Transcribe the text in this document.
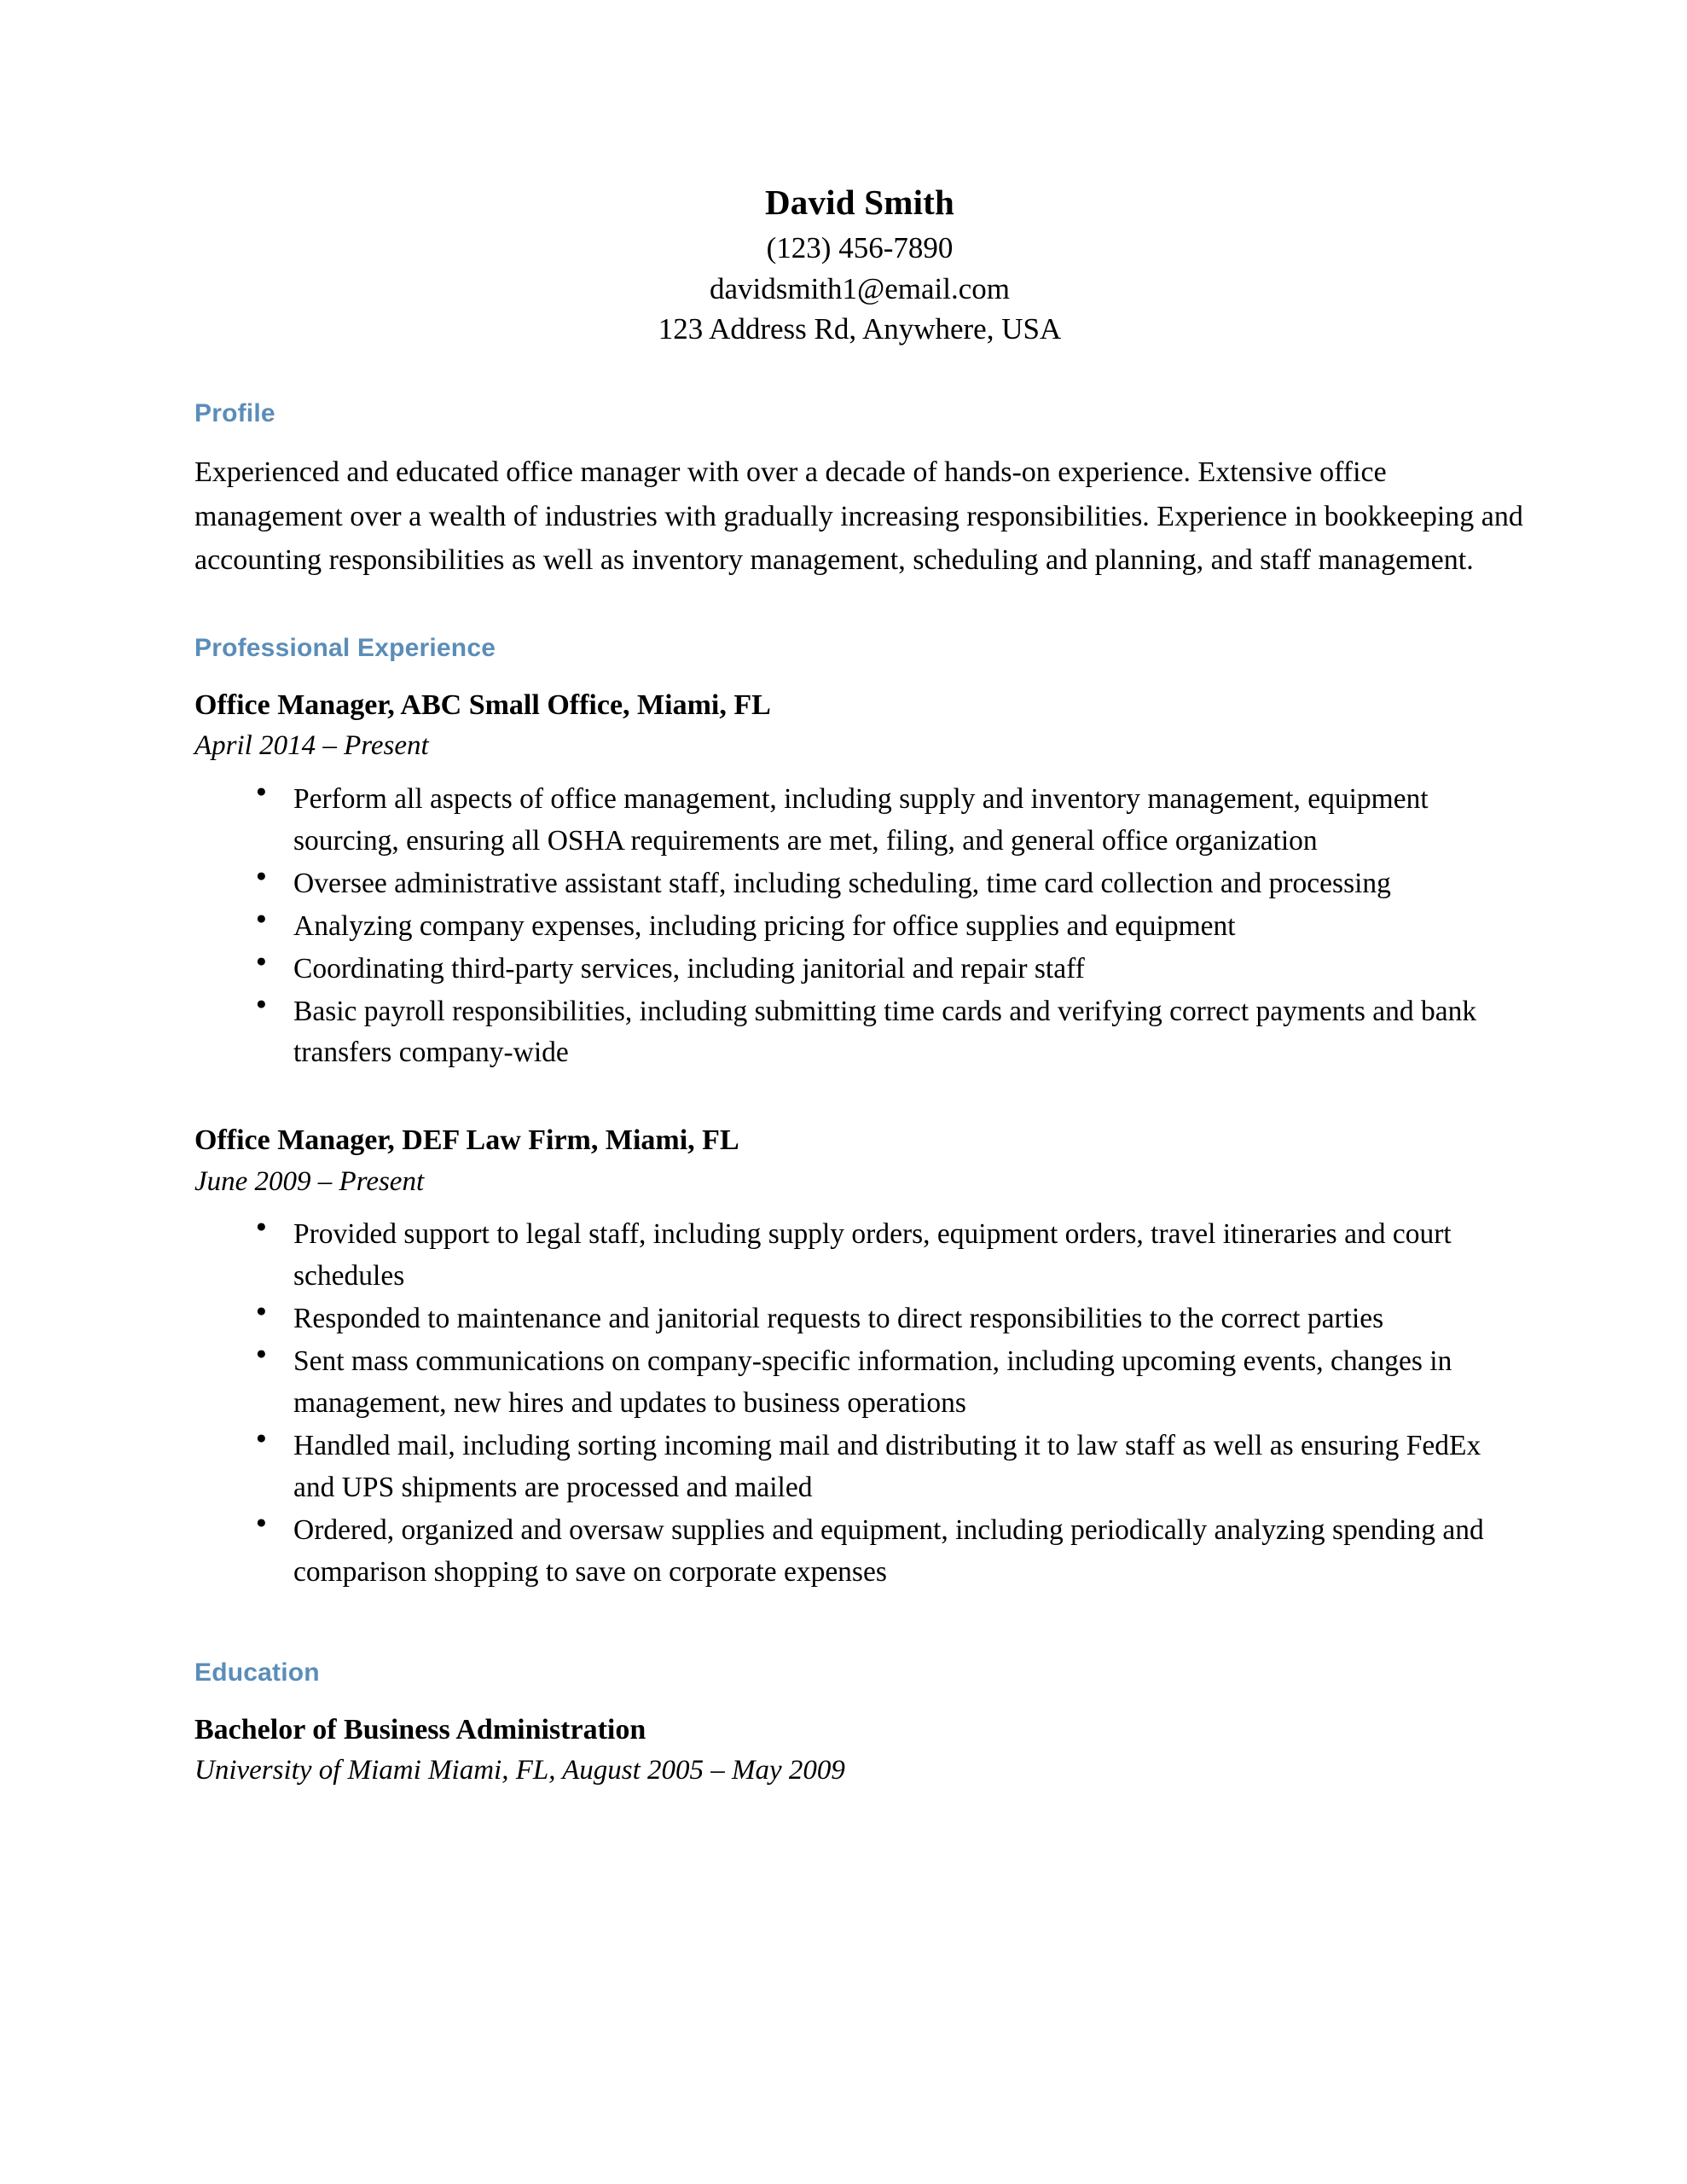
David Smith
(123) 456-7890
davidsmith1@email.com
123 Address Rd, Anywhere, USA
Profile

Experienced and educated office manager with over a decade of hands-on experience. Extensive office management over a wealth of industries with gradually increasing responsibilities. Experience in bookkeeping and accounting responsibilities as well as inventory management, scheduling and planning, and staff management.

Professional Experience

Office Manager, ABC Small Office, Miami, FL

April 2014 – Present

● Perform all aspects of office management, including supply and inventory management, equipment sourcing, ensuring all OSHA requirements are met, filing, and general office organization
● Oversee administrative assistant staff, including scheduling, time card collection and processing
● Analyzing company expenses, including pricing for office supplies and equipment
● Coordinating third-party services, including janitorial and repair staff
● Basic payroll responsibilities, including submitting time cards and verifying correct payments and bank transfers company-wide

Office Manager, DEF Law Firm, Miami, FL

June 2009 – Present

● Provided support to legal staff, including supply orders, equipment orders, travel itineraries and court schedules
● Responded to maintenance and janitorial requests to direct responsibilities to the correct parties
● Sent mass communications on company-specific information, including upcoming events, changes in management, new hires and updates to business operations
● Handled mail, including sorting incoming mail and distributing it to law staff as well as ensuring FedEx and UPS shipments are processed and mailed
● Ordered, organized and oversaw supplies and equipment, including periodically analyzing spending and comparison shopping to save on corporate expenses
Education

Bachelor of Business Administration

University of Miami Miami, FL, August 2005 – May 2009
